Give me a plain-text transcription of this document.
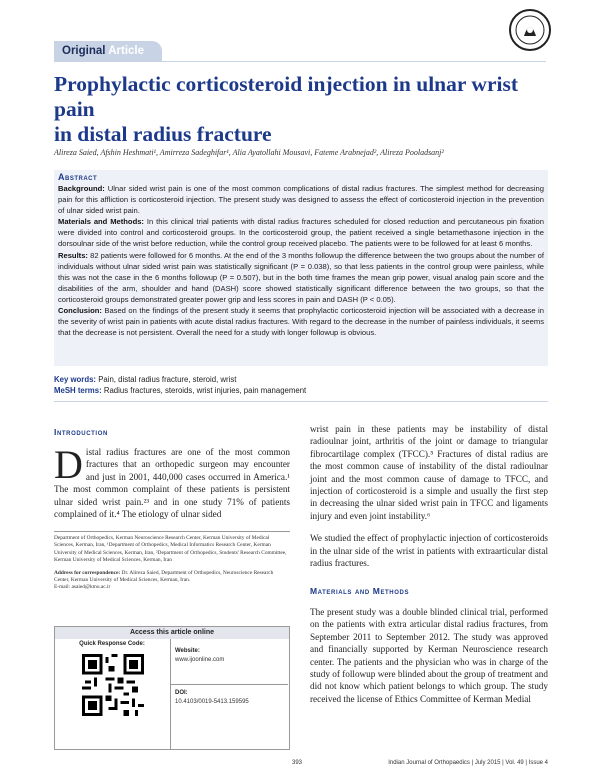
Original Article
Prophylactic corticosteroid injection in ulnar wrist pain
in distal radius fracture
Alireza Saied, Afshin Heshmati¹, Amirreza Sadeghifar¹, Alia Ayatollahi Mousavi, Fateme Arabnejad², Alireza Pooladsanj²
Abstract

Background: Ulnar sided wrist pain is one of the most common complications of distal radius fractures. The simplest method for decreasing pain for this affliction is corticosteroid injection. The present study was designed to assess the effect of corticosteroid injection in the prevention of ulnar sided wrist pain.

Materials and Methods: In this clinical trial patients with distal radius fractures scheduled for closed reduction and percutaneous pin fixation were divided into control and corticosteroid groups. In the corticosteroid group, the patient received a single betamethasone injection in the dorsoulnar side of the wrist before reduction, while the control group received placebo. The patients were to be followed for at least 6 months.

Results: 82 patients were followed for 6 months. At the end of the 3 months followup the difference between the two groups about the number of individuals without ulnar sided wrist pain was statistically significant (P = 0.038), so that less patients in the control group were painless, while this was not the case in the 6 months followup (P = 0.507), but in the both time frames the mean grip power, visual analog pain score and the disabilities of the arm, shoulder and hand (DASH) score showed statistically significant difference between the two groups, so that the corticosteroid groups demonstrated greater power grip and less scores in pain and DASH (P < 0.05).

Conclusion: Based on the findings of the present study it seems that prophylactic corticosteroid injection will be associated with a decrease in the severity of wrist pain in patients with acute distal radius fractures. With regard to the decrease in the number of painless individuals, it seems that the decrease is not persistent. Overall the need for a study with longer followup is obvious.

Key words: Pain, distal radius fracture, steroid, wrist
MeSH terms: Radius fractures, steroids, wrist injuries, pain management
Introduction

Distal radius fractures are one of the most common fractures that an orthopedic surgeon may encounter and just in 2001, 440,000 cases occurred in America.¹ The most common complaint of these patients is persistent ulnar sided wrist pain.²³ and in one study 71% of patients complained of it.⁴ The etiology of ulnar sided

Department of Orthopedics, Kerman Neuroscience Research Center, Kerman University of Medical Sciences, Kerman, Iran, ¹Department of Orthopedics, Medical Informatics Research Center, Kerman University of Medical Sciences, Kerman, Iran, ²Department of Orthopedics, Students' Research Committee, Kerman University of Medical Sciences, Kerman, Iran
Address for correspondence: Dr. Alireza Saied, Department of Orthopedics, Neuroscience Research Center, Kerman University of Medical Sciences, Kerman, Iran.
E-mail: asaied@kmu.ac.ir
Access this article online
Quick Response Code:
Website:
www.ijoonline.com
DOI:
10.4103/0019-5413.159595

wrist pain in these patients may be instability of distal radioulnar joint, arthritis of the joint or damage to triangular fibrocartilage complex (TFCC).⁵ Fractures of distal radius are the most common cause of instability of the distal radioulnar joint and the most common cause of damage to TFCC, and injection of corticosteroid is a simple and usually the first step in decreasing the ulnar sided wrist pain in TFCC and ligaments injury and even joint instability.⁶

We studied the effect of prophylactic injection of corticosteroids in the ulnar side of the wrist in patients with extraarticular distal radius fractures.

Materials and Methods

The present study was a double blinded clinical trial, performed on the patients with extra articular distal radius fractures, from September 2011 to September 2012. The study was approved and financially supported by Kerman Neuroscience research center. The patients and the physician who was in charge of the study of followup were blinded about the group of treatment and did not know which patient belongs to which group. The study received the license of Ethics Committee of Kerman Medial

393	Indian Journal of Orthopaedics | July 2015 | Vol. 49 | Issue 4
